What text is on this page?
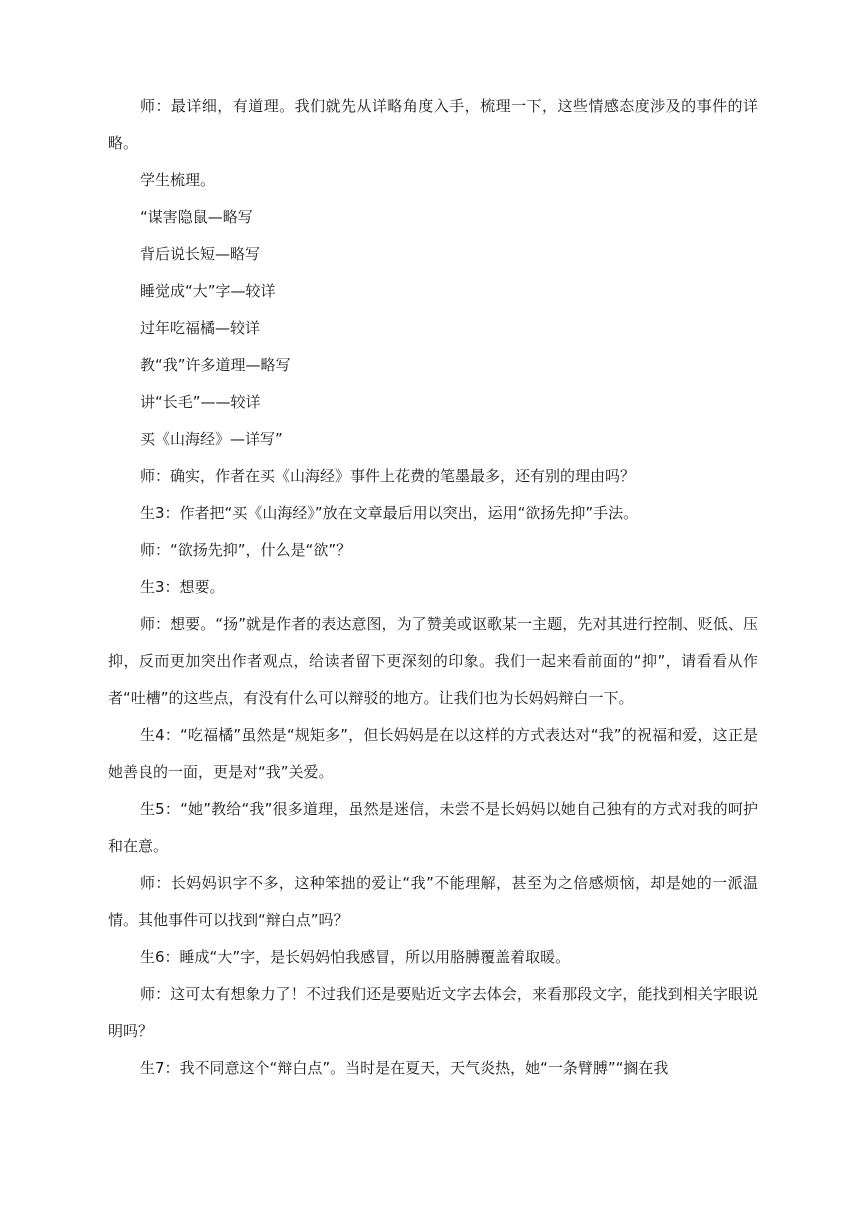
师：最详细，有道理。我们就先从详略角度入手，梳理一下，这些情感态度涉及的事件的详略。

学生梳理。

“谋害隐鼠—略写

背后说长短—略写

睡觉成“大”字—较详

过年吃福橘—较详

教“我”许多道理—略写

讲“长毛”——较详

买《山海经》—详写”

师：确实，作者在买《山海经》事件上花费的笔墨最多，还有别的理由吗？

生3：作者把“买《山海经》”放在文章最后用以突出，运用“欲扬先抑”手法。

师：“欲扬先抑”，什么是“欲”？

生3：想要。

师：想要。“扬”就是作者的表达意图，为了赞美或讴歌某一主题，先对其进行控制、贬低、压抑，反而更加突出作者观点，给读者留下更深刻的印象。我们一起来看前面的“抑”，请看看从作者“吐槽”的这些点，有没有什么可以辩驳的地方。让我们也为长妈妈辩白一下。

生4：“吃福橘”虽然是“规矩多”，但长妈妈是在以这样的方式表达对“我”的祝福和爱，这正是她善良的一面，更是对“我”关爱。

生5：“她”教给“我”很多道理，虽然是迷信，未尝不是长妈妈以她自己独有的方式对我的呵护和在意。

师：长妈妈识字不多，这种笨拙的爱让“我”不能理解，甚至为之倍感烦恼，却是她的一派温情。其他事件可以找到“辩白点”吗？

生6：睡成“大”字，是长妈妈怕我感冒，所以用胳膊覆盖着取暖。

师：这可太有想象力了！不过我们还是要贴近文字去体会，来看那段文字，能找到相关字眼说明吗？

生7：我不同意这个“辩白点”。当时是在夏天，天气炎热，她“一条臂膊”“搁在我
